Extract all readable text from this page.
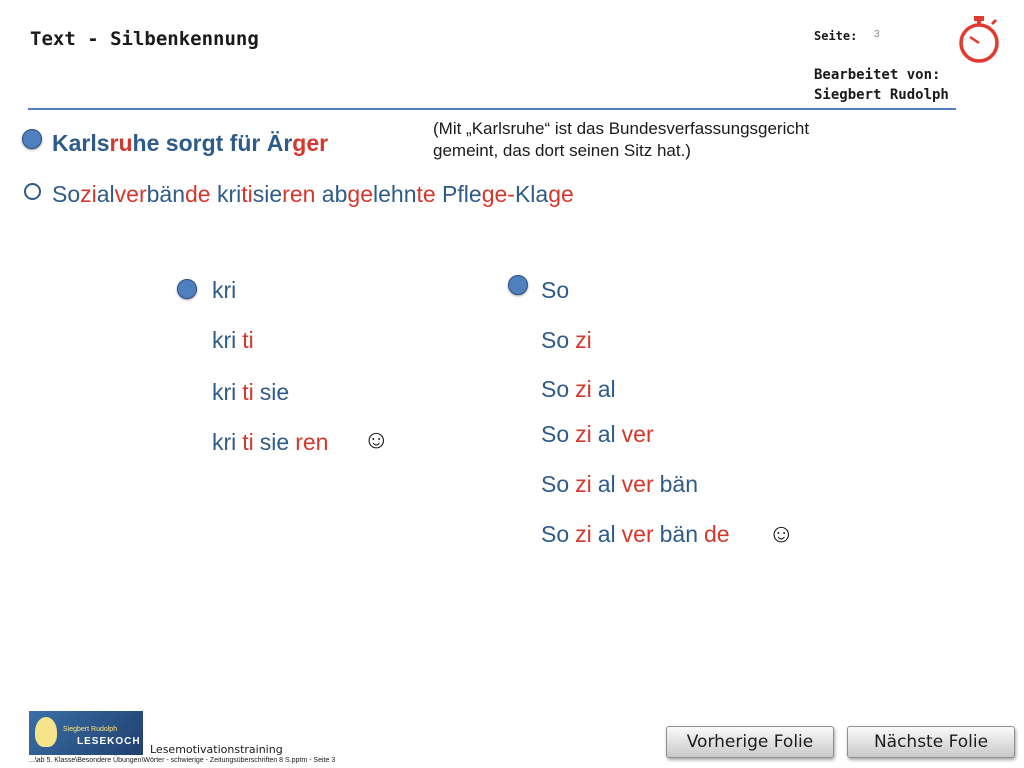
Text - Silbenkennung	Seite: 3
Bearbeitet von:
Siegbert Rudolph
Karlsruhe sorgt für Ärger
(Mit „Karlsruhe“ ist das Bundesverfassungsgericht
gemeint, das dort seinen Sitz hat.)
Sozialverbände kritisieren abgelehnte Pflege-Klage
kri
kri ti
kri ti sie
kri ti sie ren
So
So zi
So zi al
So zi al ver
So zi al ver bän
So zi al ver bän de
☺
☺
Siegbert Rudolph
LESEKOCH
Lesemotivationstraining
...\ab 5. Klasse\Besondere Übungen\Wörter - schwierige - Zeitungsüberschriften 8 S.pptm - Seite 3
Vorherige Folie	Nächste Folie
